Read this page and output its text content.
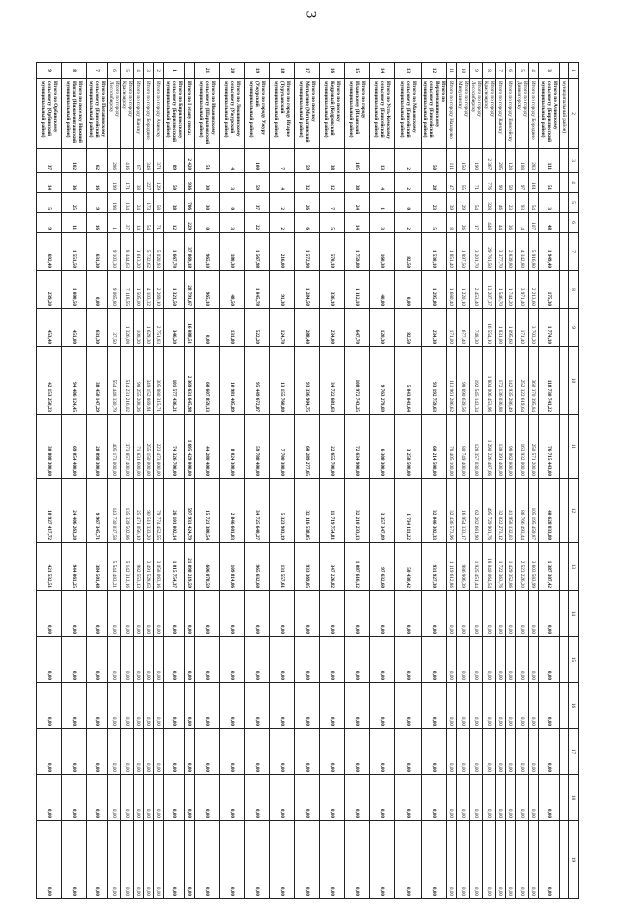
3
1	2	3	4	5	6	7	8	9	10	11	12	13	14	15	16	17	18	19
	муниципальный район)																	
3	Итого по Ачинскому сельсовету (Бирилюсский муниципальный район)	111	51	3	48	1 949,40	175,30	1 774,10	118 730 741,22	76 715 443,00	40 628 033,80	1 387 307,42	0,00	0,00	0,00	0,00	0,00	0,00
4	Итого по городу Бородино	283	161	54	107	5 916,80	2 213,60	3 703,20	360 370 395,84	250 571 200,00	105 195 459,87	3 603 583,99	0,00	0,00	0,00	0,00	0,00	0,00
5	Итого по городу Дивногорску	188	97	93	4	4 142,80	3 971,40	171,40	252 322 619,64	163 932 000,00	86 766 493,44	2 523 226,20	0,00	0,00	0,00	0,00	0,00	0,00
6	Итого по городу Енисейску	128	59	23	36	2 839,80	1 744,20	1 095,60	142 935 286,49	98 062 800,00	41 958 132,03	1 429 352,86	0,00	0,00	0,00	0,00	0,00	0,00
7	Итого по городу Канску	205	90	46	44	3 377,70	1 546,70	1 831,00	172 136 036,88	138 391 400,00	32 022 273,12	1 722 363,76	0,00	0,00	0,00	0,00	0,00	0,00
8	Итого по городу Красноярску	2 367	776	328	448	29 761,50	13 207,37	16 554,10	1 804 006 453,96	1 290 226 487,66	495 729 901,76	18 040 064,54	0,00	0,00	0,00	0,00	0,00	0,00
9	Итого по городу Лесосибирску	190	71	54	17	3 201,70	2 453,40	748,30	192 545 143,34	128 357 030,00	62 262 661,90	1 925 451,44	0,00	0,00	0,00	0,00	0,00	0,00
10	Итого по городу Минусинску	150	55	29	26	1 897,50	1 220,10	677,40	98 690 639,56	80 749 400,00	16 954 333,17	986 906,39	0,00	0,00	0,00	0,00	0,00	0,00
11	Итого по городу Назарово	111	47	39	8	1 851,40	1 680,40	171,00	111 961 286,62	78 405 100,00	32 436 573,96	1 119 612,86	0,00	0,00	0,00	0,00	0,00	0,00
12	Итого по Верхнепашинскому сельсовету (Енисейский муниципальный район)	50	28	23	5	1 530,10	1 295,80	234,30	93 192 759,63	60 214 500,00	32 046 302,33	931 927,30	0,00	0,00	0,00	0,00	0,00	0,00
13	Итого по Маковскому сельсовету (Енисейский муниципальный район)	2	2	0	2	82,50	0,00	82,50	5 043 041,64	3 258 500,00	1 734 111,22	50 430,42	0,00	0,00	0,00	0,00	0,00	0,00
14	Итого по Усть-Кемскому сельсовету (Енисейский муниципальный район)	13	4	1	3	160,30	40,00	120,30	9 763 279,69	6 308 300,00	3 357 347,09	97 632,60	0,00	0,00	0,00	0,00	0,00	0,00
15	Итого по городу Иланскому (Иланский муниципальный район)	105	38	24	14	1 759,80	1 112,10	647,70	108 972 743,25	72 634 900,00	32 210 233,13	1 087 616,12	0,00	0,00	0,00	0,00	0,00	0,00
16	Итого по поселку Кедровый (Кедровский муниципальный район)	38	12	7	5	570,10	336,10	234,00	34 722 681,63	22 655 700,00	11 719 754,81	347 226,82	0,00	0,00	0,00	0,00	0,00	0,00
17	Итого по поселку Мотыгино (Мотыгинский муниципальный район)	59	32	26	6	1 572,90	1 284,50	288,40	93 336 904,75	60 289 277,65	32 116 538,05	933 369,05	0,00	0,00	0,00	0,00	0,00	0,00
18	Итого по городу Игарке (Туруханский муниципальный район)	7	4	2	2	216,00	91,30	124,70	13 155 760,80	7 700 300,00	5 323 903,19	131 557,61	0,00	0,00	0,00	0,00	0,00	0,00
19	Итого по городу Ужуру (Ужурский муниципальный район)	100	59	37	22	1 567,98	1 045,78	522,20	95 449 672,87	59 788 400,00	34 725 640,27	965 632,60	0,00	0,00	0,00	0,00	0,00	0,00
20	Итого по Локшинскому сельсовету (Ужурский муниципальный район)	4	3	0	3	180,30	48,50	131,80	10 981 405,89	8 024 300,00	2 846 601,83	109 814,06	0,00	0,00	0,00	0,00	0,00	0,00
21	Итого по Ивановскому сельсовету (Шарыповский муниципальный район)	51	30	30	0	965,10	965,10	0,00	60 607 859,13	44 280 400,00	15 721 380,54	606 078,59	0,00	0,00	0,00	0,00	0,00	0,00
	Итого по I этапу сноса:	2 420	936	706	229	37 869,18	28 791,67	16 088,51	2 369 631 645,98	1 695 429 000,00	597 931 424,79	21 098 219,59	0,00	0,00	0,00	0,00	0,00	0,00
1	Итого по Бирилюсскому сельсовету (Бирилюсский муниципальный район)	89	50	38	12	1 667,70	1 321,50	346,20	101 577 436,21	74 326 700,00	26 101 002,14	1 015 754,37	0,00	0,00	0,00	0,00	0,00	0,00
2	Итого по городу Ачинску	371	129	58	71	5 020,93	2 269,10	2 751,83	305 880 315,71	223 473 000,00	79 774 452,55	3 058 063,16	0,00	0,00	0,00	0,00	0,00	0,00
3	Итого по городу Бородино	348	227	173	54	5 732,62	4 103,32	1 629,30	349 152 869,91	255 150 000,00	90 511 333,20	3 491 528,63	0,00	0,00	0,00	0,00	0,00	0,00
4	Итого по городу Канску	67	38	24	14	1 613,20	1 505,00	108,20	98 255 208,26	71 831 600,00	25 471 056,10	982 553,13	0,00	0,00	0,00	0,00	0,00	0,00
5	Итого по городу Красноярску	416	171	134	37	8 444,63	7 118,55	1 326,08	514 231 216,02	373 857 400,00	135 339 502,86	5 142 312,16	0,00	0,00	0,00	0,00	0,00	0,00
6	Итого по городу Лесосибирску	286	199	198	1	9 103,30	9 065,80	37,50	554 448 330,79	405 173 000,00	143 730 037,58	5 544 483,21	0,00	0,00	0,00	0,00	0,00	0,00
7	Итого по Потаповскому сельсовету (Енисейский муниципальный район)	62	16	9	16	631,30	0,00	631,30	38 450 147,29	28 098 300,00	9 967 345,71	384 501,48	0,00	0,00	0,00	0,00	0,00	0,00
8	Итого по поселку Нижний Ингаш (Нижнеингашский муниципальный район)	102	36	25	11	1 551,50	1 000,50	451,00	94 406 124,45	69 054 400,00	24 406 263,20	944 061,25	0,00	0,00	0,00	0,00	0,00	0,00
9	Итого по Орбинскому сельсовету (Орбинский муниципальный район)	37	14	5	9	692,40	239,20	453,40	42 153 250,23	30 808 300,00	10 927 417,72	421 532,51	0,00	0,00	0,00	0,00	0,00	0,00
